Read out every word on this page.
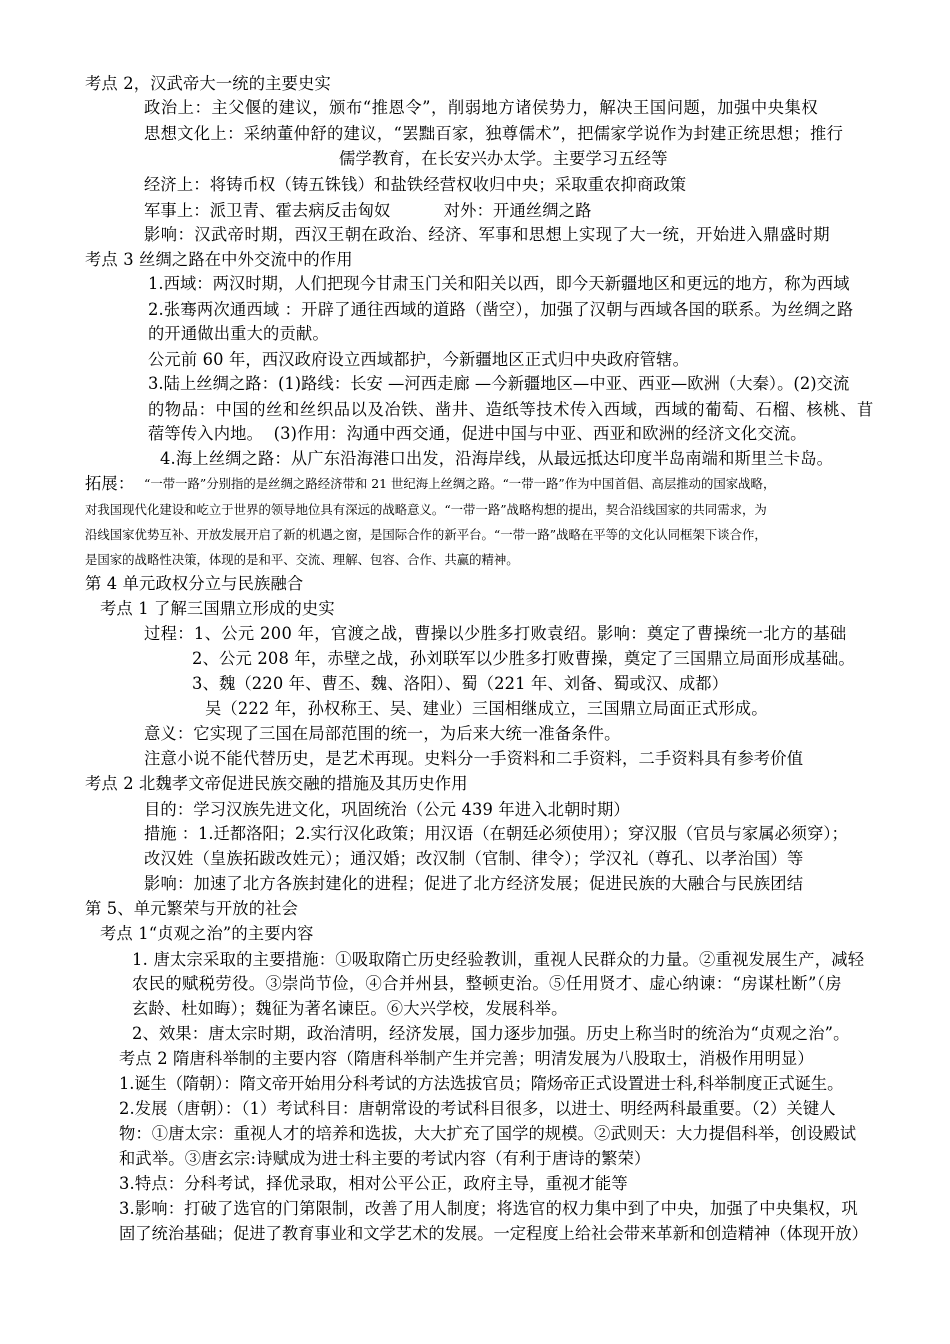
考点 2，汉武帝大一统的主要史实
政治上：主父偃的建议，颁布“推恩令”，削弱地方诸侯势力，解决王国问题，加强中央集权
思想文化上：采纳董仲舒的建议，“罢黜百家，独尊儒术”，把儒家学说作为封建正统思想；推行
儒学教育，在长安兴办太学。主要学习五经等
经济上：将铸币权（铸五铢钱）和盐铁经营权收归中央；采取重农抑商政策
军事上：派卫青、霍去病反击匈奴          对外：开通丝绸之路
影响：汉武帝时期，西汉王朝在政治、经济、军事和思想上实现了大一统，开始进入鼎盛时期
考点 3 丝绸之路在中外交流中的作用
1.西域：两汉时期，人们把现今甘肃玉门关和阳关以西，即今天新疆地区和更远的地方，称为西域
2.张骞两次通西域 ：开辟了通往西域的道路（凿空），加强了汉朝与西域各国的联系。为丝绸之路
的开通做出重大的贡献。
公元前 60 年，西汉政府设立西域都护，今新疆地区正式归中央政府管辖。
3.陆上丝绸之路：(1)路线：长安 —河西走廊 —今新疆地区—中亚、西亚—欧洲（大秦）。(2)交流
的物品：中国的丝和丝织品以及冶铁、凿井、造纸等技术传入西域，西域的葡萄、石榴、核桃、苜
蓿等传入内地。  (3)作用：沟通中西交通，促进中国与中亚、西亚和欧洲的经济文化交流。
4.海上丝绸之路：从广东沿海港口出发，沿海岸线，从最远抵达印度半岛南端和斯里兰卡岛。
拓展： “一带一路”分别指的是丝绸之路经济带和 21 世纪海上丝绸之路。“一带一路”作为中国首倡、高层推动的国家战略，
对我国现代化建设和屹立于世界的领导地位具有深远的战略意义。“一带一路”战略构想的提出，契合沿线国家的共同需求，为
沿线国家优势互补、开放发展开启了新的机遇之窗，是国际合作的新平台。“一带一路”战略在平等的文化认同框架下谈合作，
是国家的战略性决策，体现的是和平、交流、理解、包容、合作、共赢的精神。
第 4 单元政权分立与民族融合
考点 1 了解三国鼎立形成的史实
过程：1、公元 200 年，官渡之战，曹操以少胜多打败袁绍。影响：奠定了曹操统一北方的基础
2、公元 208 年，赤壁之战，孙刘联军以少胜多打败曹操，奠定了三国鼎立局面形成基础。
3、魏（220 年、曹丕、魏、洛阳）、蜀（221 年、刘备、蜀或汉、成都）
吴（222 年，孙权称王、吴、建业）三国相继成立，三国鼎立局面正式形成。
意义：它实现了三国在局部范围的统一，为后来大统一准备条件。
注意小说不能代替历史，是艺术再现。史料分一手资料和二手资料，二手资料具有参考价值
考点 2 北魏孝文帝促进民族交融的措施及其历史作用
目的：学习汉族先进文化，巩固统治（公元 439 年进入北朝时期）
措施 ：1.迁都洛阳；2.实行汉化政策；用汉语（在朝廷必须使用）；穿汉服（官员与家属必须穿）；
改汉姓（皇族拓跋改姓元）；通汉婚；改汉制（官制、律令）；学汉礼（尊孔、以孝治国）等
影响：加速了北方各族封建化的进程；促进了北方经济发展；促进民族的大融合与民族团结
第 5、单元繁荣与开放的社会
考点 1“贞观之治”的主要内容
1. 唐太宗采取的主要措施：①吸取隋亡历史经验教训，重视人民群众的力量。②重视发展生产，减轻
农民的赋税劳役。③崇尚节俭，④合并州县，整顿吏治。⑤任用贤才、虚心纳谏：“房谋杜断”（房
玄龄、杜如晦）；魏征为著名谏臣。⑥大兴学校，发展科举。
2、效果：唐太宗时期，政治清明，经济发展，国力逐步加强。历史上称当时的统治为“贞观之治”。
考点 2 隋唐科举制的主要内容（隋唐科举制产生并完善；明清发展为八股取士，消极作用明显）
1.诞生（隋朝）：隋文帝开始用分科考试的方法选拔官员；隋炀帝正式设置进士科,科举制度正式诞生。
2.发展（唐朝）：（1）考试科目：唐朝常设的考试科目很多，以进士、明经两科最重要。（2）关键人
物：①唐太宗：重视人才的培养和选拔，大大扩充了国学的规模。②武则天：大力提倡科举，创设殿试
和武举。③唐玄宗:诗赋成为进士科主要的考试内容（有利于唐诗的繁荣）
3.特点：分科考试，择优录取，相对公平公正，政府主导，重视才能等
3.影响：打破了选官的门第限制，改善了用人制度；将选官的权力集中到了中央，加强了中央集权，巩
固了统治基础；促进了教育事业和文学艺术的发展。一定程度上给社会带来革新和创造精神（体现开放）
